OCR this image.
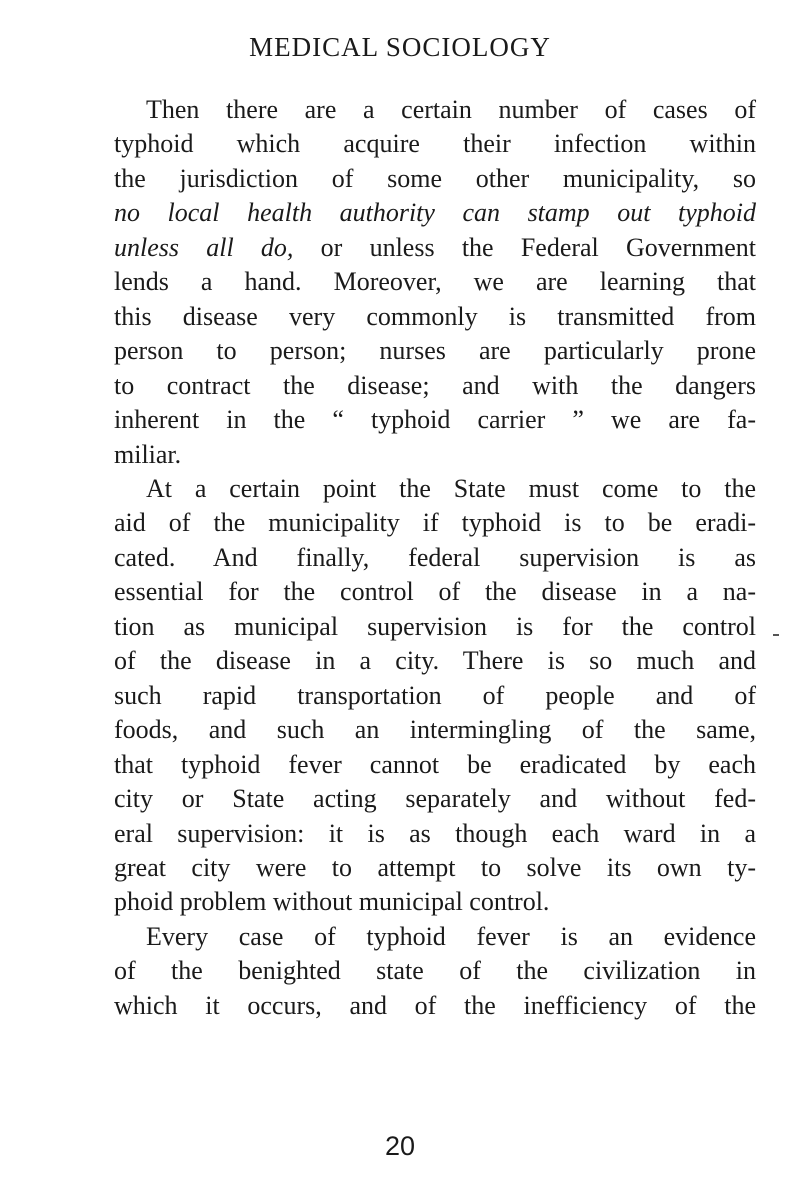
MEDICAL SOCIOLOGY
Then there are a certain number of cases of
typhoid which acquire their infection within
the jurisdiction of some other municipality, so
no local health authority can stamp out typhoid
unless all do, or unless the Federal Government
lends a hand. Moreover, we are learning that
this disease very commonly is transmitted from
person to person; nurses are particularly prone
to contract the disease; and with the dangers
inherent in the “ typhoid carrier ” we are fa-
miliar.
At a certain point the State must come to the
aid of the municipality if typhoid is to be eradi-
cated. And finally, federal supervision is as
essential for the control of the disease in a na-
tion as municipal supervision is for the control
of the disease in a city. There is so much and
such rapid transportation of people and of
foods, and such an intermingling of the same,
that typhoid fever cannot be eradicated by each
city or State acting separately and without fed-
eral supervision: it is as though each ward in a
great city were to attempt to solve its own ty-
phoid problem without municipal control.
Every case of typhoid fever is an evidence
of the benighted state of the civilization in
which it occurs, and of the inefficiency of the
20
